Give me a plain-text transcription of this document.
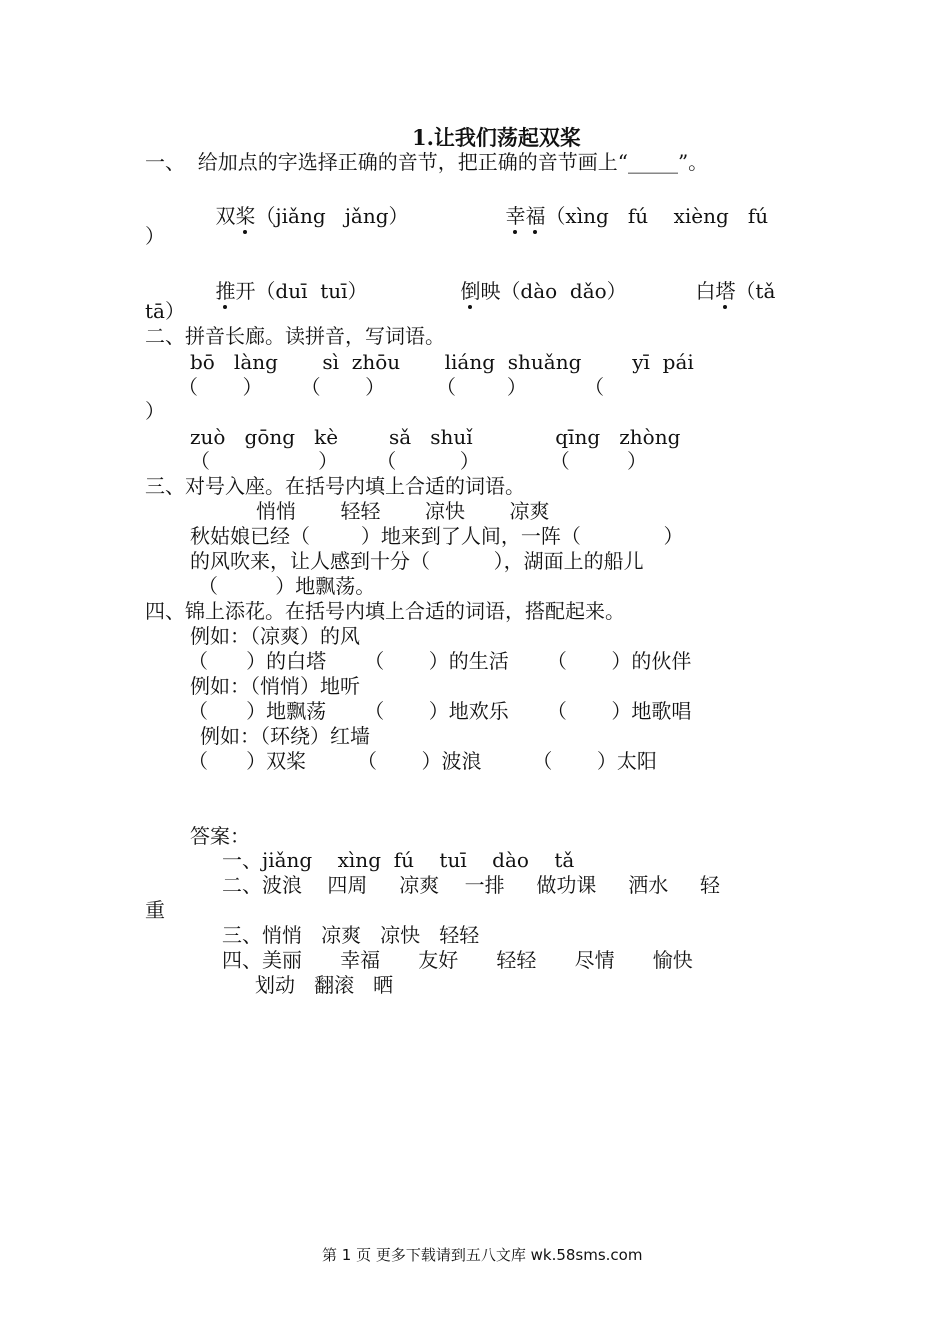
1.让我们荡起双桨
一、  给加点的字选择正确的音节，把正确的音节画上“_____”。

双桨（jiǎng   jǎng）
	幸福（xìng   fú    xièng   fú

）

推开（duī  tuī）
	倒映（dào  dǎo）
	白塔（tǎ

tā）
二、拼音长廊。读拼音，写词语。
bō   làng       sì  zhōu       liáng  shuǎng        yī  pái
（       ）      （       ）        （        ）         （
）
zuò   gōng   kè        sǎ   shuǐ             qīng   zhòng
（                 ）      （          ）           （         ）
三、对号入座。在括号内填上合适的词语。
悄悄       轻轻       凉快       凉爽
秋姑娘已经（        ）地来到了人间，一阵（             ）
的风吹来，让人感到十分（          ），湖面上的船儿
（         ）地飘荡。
四、锦上添花。在括号内填上合适的词语，搭配起来。
例如：（凉爽）的风
（      ）的白塔      （       ）的生活      （       ）的伙伴
例如：（悄悄）地听
（      ）地飘荡      （       ）地欢乐      （       ）地歌唱
例如：（环绕）红墙
（      ）双桨        （       ）波浪        （       ）太阳
答案：
一、jiǎng    xìng  fú    tuī    dào    tǎ
二、波浪    四周     凉爽    一排     做功课     洒水     轻
重
三、悄悄   凉爽   凉快   轻轻
四、美丽      幸福      友好      轻轻      尽情      愉快
划动   翻滚   晒
第 1 页 更多下载请到五八文库 wk.58sms.com
